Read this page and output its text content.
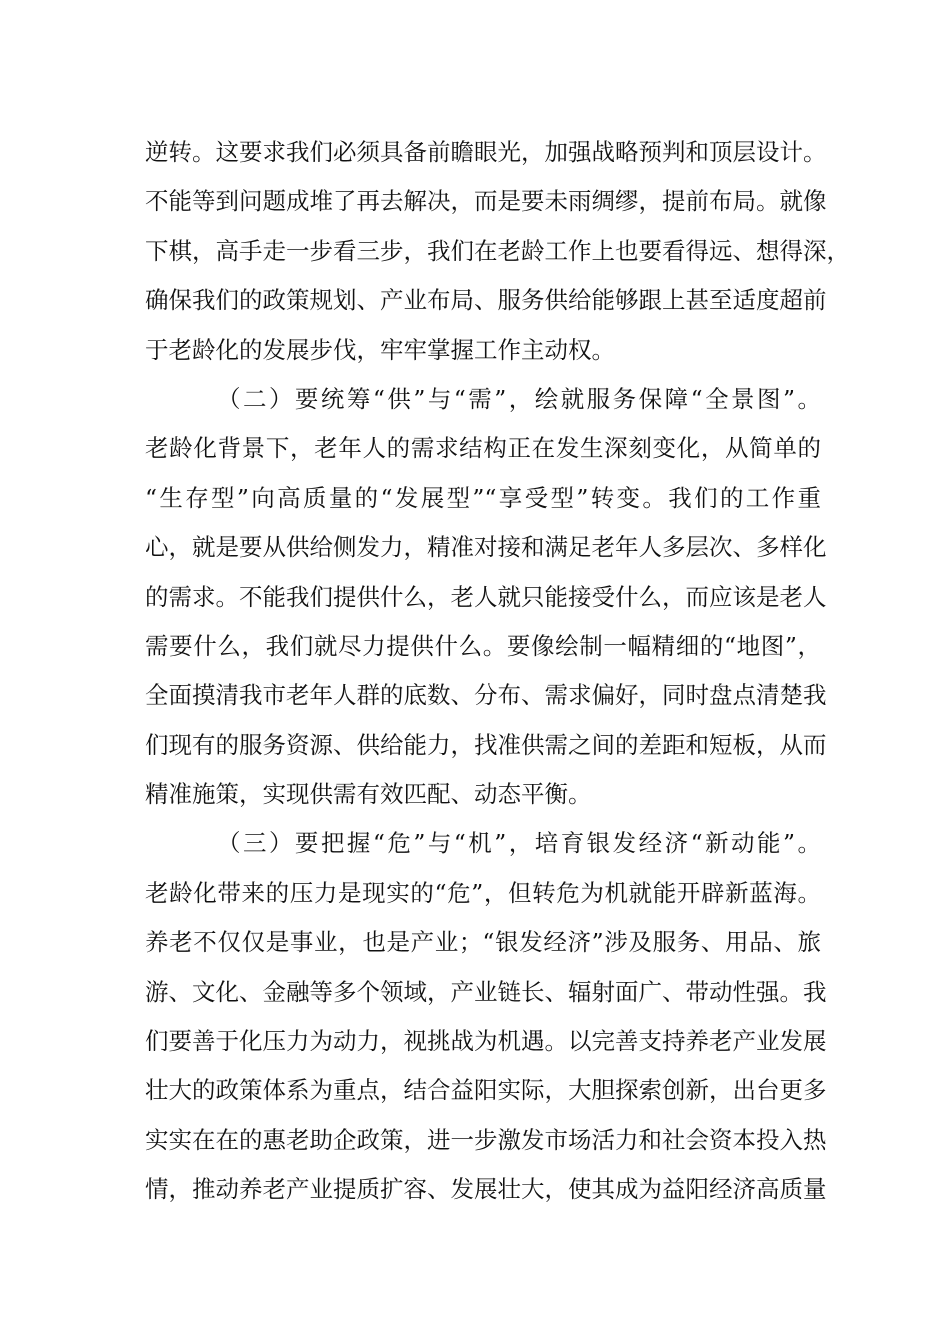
逆转。这要求我们必须具备前瞻眼光，加强战略预判和顶层设计。
不能等到问题成堆了再去解决，而是要未雨绸缪，提前布局。就像
下棋，高手走一步看三步，我们在老龄工作上也要看得远、想得深，
确保我们的政策规划、产业布局、服务供给能够跟上甚至适度超前
于老龄化的发展步伐，牢牢掌握工作主动权。
（二）要统筹“供”与“需”，绘就服务保障“全景图”。
老龄化背景下，老年人的需求结构正在发生深刻变化，从简单的
“生存型”向高质量的“发展型”“享受型”转变。我们的工作重
心，就是要从供给侧发力，精准对接和满足老年人多层次、多样化
的需求。不能我们提供什么，老人就只能接受什么，而应该是老人
需要什么，我们就尽力提供什么。要像绘制一幅精细的“地图”，
全面摸清我市老年人群的底数、分布、需求偏好，同时盘点清楚我
们现有的服务资源、供给能力，找准供需之间的差距和短板，从而
精准施策，实现供需有效匹配、动态平衡。
（三）要把握“危”与“机”，培育银发经济“新动能”。
老龄化带来的压力是现实的“危”，但转危为机就能开辟新蓝海。
养老不仅仅是事业，也是产业；“银发经济”涉及服务、用品、旅
游、文化、金融等多个领域，产业链长、辐射面广、带动性强。我
们要善于化压力为动力，视挑战为机遇。以完善支持养老产业发展
壮大的政策体系为重点，结合益阳实际，大胆探索创新，出台更多
实实在在的惠老助企政策，进一步激发市场活力和社会资本投入热
情，推动养老产业提质扩容、发展壮大，使其成为益阳经济高质量
